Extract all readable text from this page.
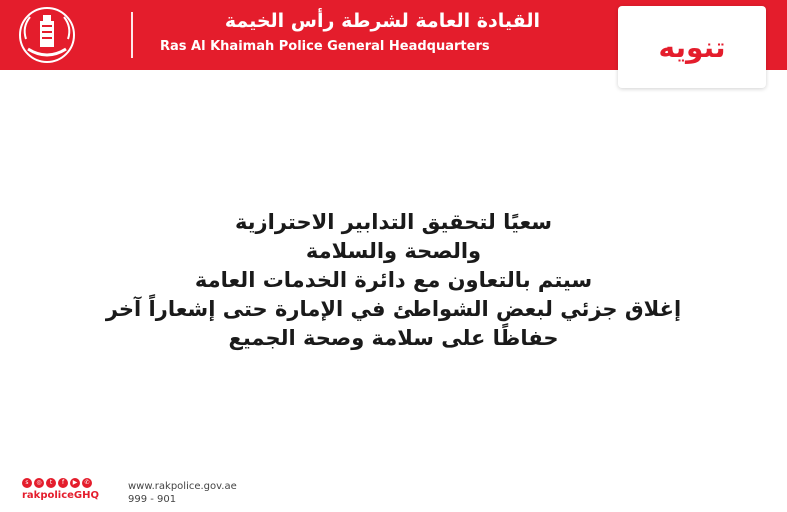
القيادة العامة لشرطة رأس الخيمة
Ras Al Khaimah Police General Headquarters	تنويه
سعيًا لتحقيق التدابير الاحترازية
والصحة والسلامة
سيتم بالتعاون مع دائرة الخدمات العامة
إغلاق جزئي لبعض الشواطئ في الإمارة حتى إشعاراً آخر
حفاظًا على سلامة وصحة الجميع
s	◎	t	f	▶	✆
rakpoliceGHQ
www.rakpolice.gov.ae
999 - 901
